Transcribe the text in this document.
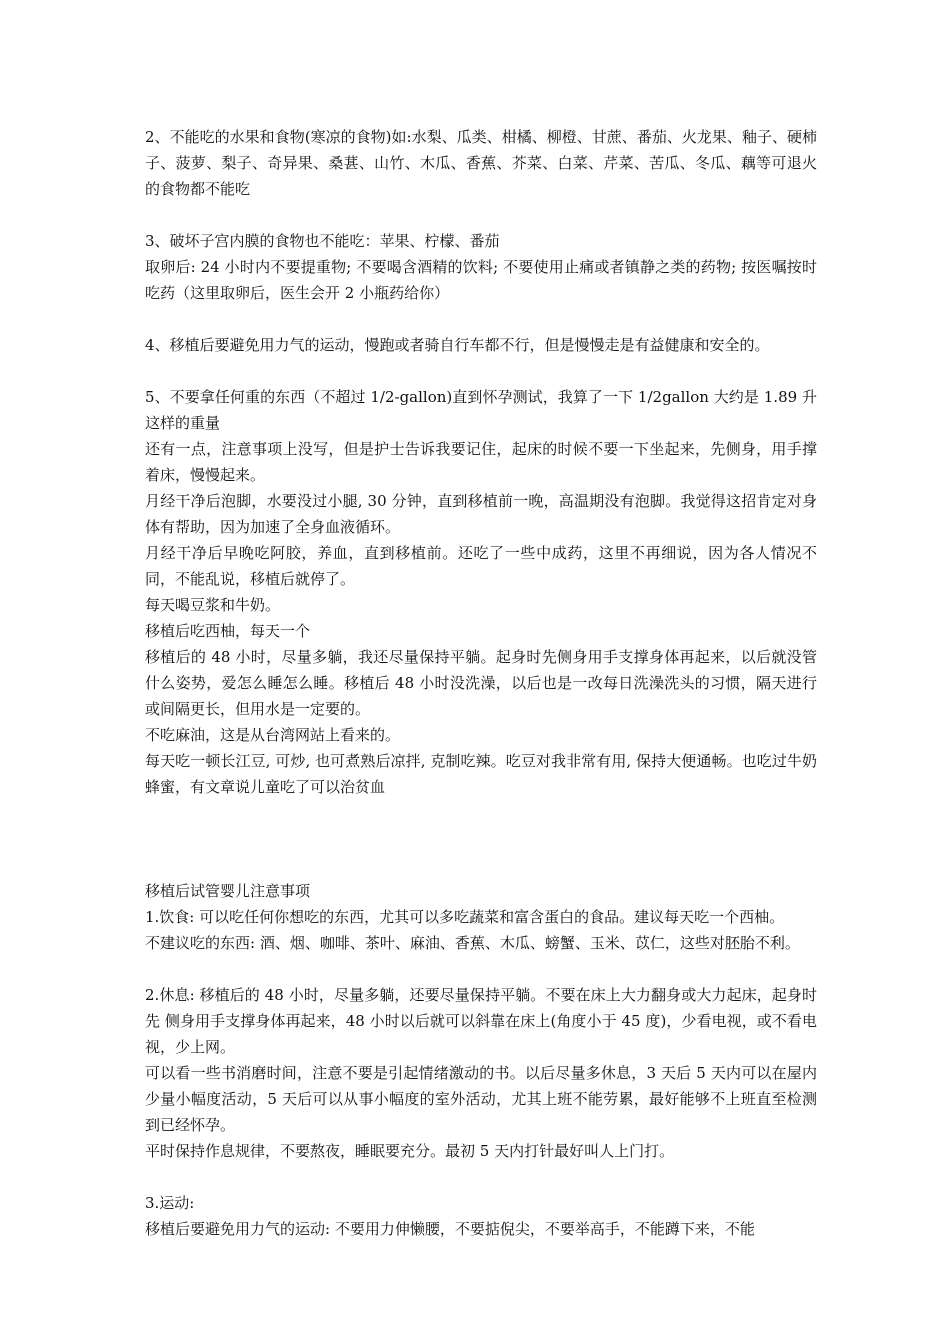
2、不能吃的水果和食物(寒凉的食物)如:水梨、瓜类、柑橘、柳橙、甘蔗、番茄、火龙果、釉子、硬柿子、菠萝、梨子、奇异果、桑葚、山竹、木瓜、香蕉、芥菜、白菜、芹菜、苦瓜、冬瓜、藕等可退火的食物都不能吃

3、破坏子宫内膜的食物也不能吃：苹果、柠檬、番茄

取卵后: 24 小时内不要提重物; 不要喝含酒精的饮料; 不要使用止痛或者镇静之类的药物; 按医嘱按时吃药（这里取卵后，医生会开 2 小瓶药给你）

4、移植后要避免用力气的运动，慢跑或者骑自行车都不行，但是慢慢走是有益健康和安全的。

5、不要拿任何重的东西（不超过 1/2-gallon)直到怀孕测试，我算了一下 1/2gallon 大约是 1.89 升这样的重量

还有一点，注意事项上没写，但是护士告诉我要记住，起床的时候不要一下坐起来，先侧身，用手撑着床，慢慢起来。

月经干净后泡脚，水要没过小腿, 30 分钟，直到移植前一晚，高温期没有泡脚。我觉得这招肯定对身体有帮助，因为加速了全身血液循环。

月经干净后早晚吃阿胶，养血，直到移植前。还吃了一些中成药，这里不再细说，因为各人情况不同，不能乱说，移植后就停了。

每天喝豆浆和牛奶。

移植后吃西柚，每天一个

移植后的 48 小时，尽量多躺，我还尽量保持平躺。起身时先侧身用手支撑身体再起来，以后就没管什么姿势，爱怎么睡怎么睡。移植后 48 小时没洗澡，以后也是一改每日洗澡洗头的习惯，隔天进行或间隔更长，但用水是一定要的。

不吃麻油，这是从台湾网站上看来的。

每天吃一顿长江豆, 可炒, 也可煮熟后凉拌, 克制吃辣。吃豆对我非常有用, 保持大便通畅。也吃过牛奶蜂蜜，有文章说儿童吃了可以治贫血

移植后试管婴儿注意事项

1.饮食: 可以吃任何你想吃的东西，尤其可以多吃蔬菜和富含蛋白的食品。建议每天吃一个西柚。

不建议吃的东西: 酒、烟、咖啡、茶叶、麻油、香蕉、木瓜、螃蟹、玉米、苡仁，这些对胚胎不利。

2.休息: 移植后的 48 小时，尽量多躺，还要尽量保持平躺。不要在床上大力翻身或大力起床，起身时先 侧身用手支撑身体再起来，48 小时以后就可以斜靠在床上(角度小于 45 度)，少看电视，或不看电视，少上网。

可以看一些书消磨时间，注意不要是引起情绪激动的书。以后尽量多休息，3 天后 5 天内可以在屋内少量小幅度活动，5 天后可以从事小幅度的室外活动，尤其上班不能劳累，最好能够不上班直至检测到已经怀孕。

平时保持作息规律，不要熬夜，睡眠要充分。最初 5 天内打针最好叫人上门打。

3.运动:

移植后要避免用力气的运动: 不要用力伸懒腰，不要掂倪尖，不要举高手，不能蹲下来，不能
